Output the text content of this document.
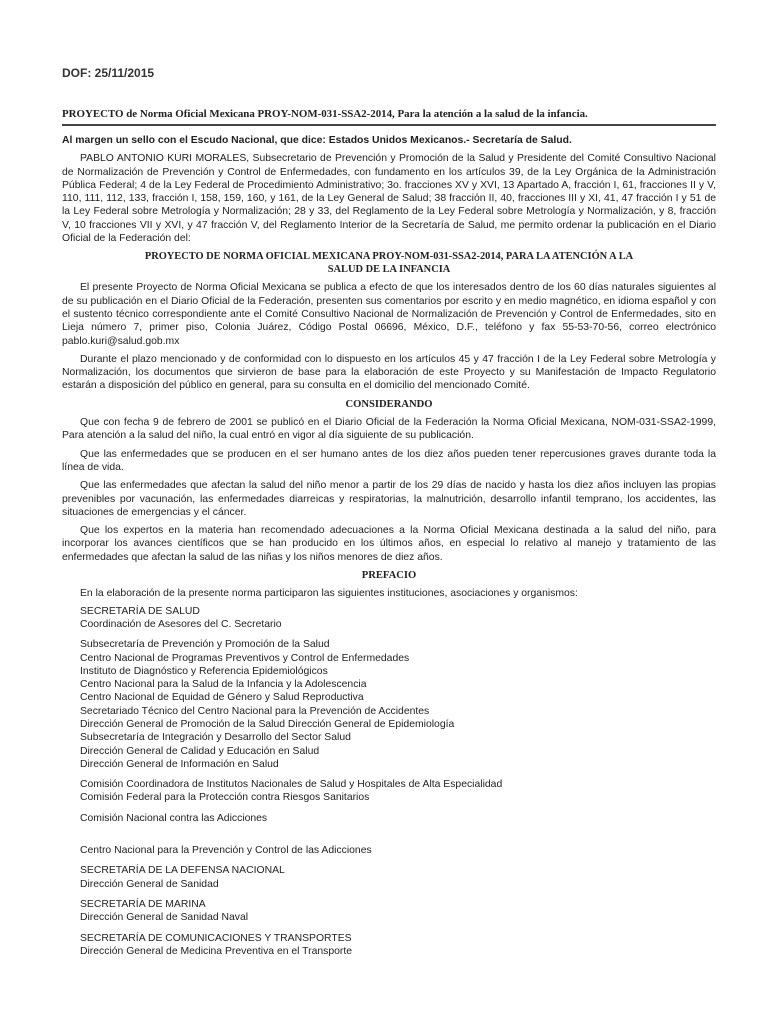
DOF: 25/11/2015
PROYECTO de Norma Oficial Mexicana PROY-NOM-031-SSA2-2014, Para la atención a la salud de la infancia.
Al margen un sello con el Escudo Nacional, que dice: Estados Unidos Mexicanos.- Secretaría de Salud.

PABLO ANTONIO KURI MORALES, Subsecretario de Prevención y Promoción de la Salud y Presidente del Comité Consultivo Nacional de Normalización de Prevención y Control de Enfermedades, con fundamento en los artículos 39, de la Ley Orgánica de la Administración Pública Federal; 4 de la Ley Federal de Procedimiento Administrativo; 3o. fracciones XV y XVI, 13 Apartado A, fracción I, 61, fracciones II y V, 110, 111, 112, 133, fracción I, 158, 159, 160, y 161, de la Ley General de Salud; 38 fracción II, 40, fracciones III y XI, 41, 47 fracción I y 51 de la Ley Federal sobre Metrología y Normalización; 28 y 33, del Reglamento de la Ley Federal sobre Metrología y Normalización, y 8, fracción V, 10 fracciones VII y XVI, y 47 fracción V, del Reglamento Interior de la Secretaría de Salud, me permito ordenar la publicación en el Diario Oficial de la Federación del:

PROYECTO DE NORMA OFICIAL MEXICANA PROY-NOM-031-SSA2-2014, PARA LA ATENCIÓN A LA
SALUD DE LA INFANCIA

El presente Proyecto de Norma Oficial Mexicana se publica a efecto de que los interesados dentro de los 60 días naturales siguientes al de su publicación en el Diario Oficial de la Federación, presenten sus comentarios por escrito y en medio magnético, en idioma español y con el sustento técnico correspondiente ante el Comité Consultivo Nacional de Normalización de Prevención y Control de Enfermedades, sito en Lieja número 7, primer piso, Colonia Juárez, Código Postal 06696, México, D.F., teléfono y fax 55-53-70-56, correo electrónico pablo.kuri@salud.gob.mx

Durante el plazo mencionado y de conformidad con lo dispuesto en los artículos 45 y 47 fracción I de la Ley Federal sobre Metrología y Normalización, los documentos que sirvieron de base para la elaboración de este Proyecto y su Manifestación de Impacto Regulatorio estarán a disposición del público en general, para su consulta en el domicilio del mencionado Comité.

CONSIDERANDO

Que con fecha 9 de febrero de 2001 se publicó en el Diario Oficial de la Federación la Norma Oficial Mexicana, NOM-031-SSA2-1999, Para atención a la salud del niño, la cual entró en vigor al día siguiente de su publicación.

Que las enfermedades que se producen en el ser humano antes de los diez años pueden tener repercusiones graves durante toda la línea de vida.

Que las enfermedades que afectan la salud del niño menor a partir de los 29 días de nacido y hasta los diez años incluyen las propias prevenibles por vacunación, las enfermedades diarreicas y respiratorias, la malnutrición, desarrollo infantil temprano, los accidentes, las situaciones de emergencias y el cáncer.

Que los expertos en la materia han recomendado adecuaciones a la Norma Oficial Mexicana destinada a la salud del niño, para incorporar los avances científicos que se han producido en los últimos años, en especial lo relativo al manejo y tratamiento de las enfermedades que afectan la salud de las niñas y los niños menores de diez años.

PREFACIO
En la elaboración de la presente norma participaron las siguientes instituciones, asociaciones y organismos:
SECRETARÍA DE SALUD
Coordinación de Asesores del C. Secretario
Subsecretaría de Prevención y Promoción de la Salud
Centro Nacional de Programas Preventivos y Control de Enfermedades
Instituto de Diagnóstico y Referencia Epidemiológicos
Centro Nacional para la Salud de la Infancia y la Adolescencia
Centro Nacional de Equidad de Género y Salud Reproductiva
Secretariado Técnico del Centro Nacional para la Prevención de Accidentes
Dirección General de Promoción de la Salud Dirección General de Epidemiología
Subsecretaría de Integración y Desarrollo del Sector Salud
Dirección General de Calidad y Educación en Salud
Dirección General de Información en Salud
Comisión Coordinadora de Institutos Nacionales de Salud y Hospitales de Alta Especialidad
Comisión Federal para la Protección contra Riesgos Sanitarios
Comisión Nacional contra las Adicciones
Centro Nacional para la Prevención y Control de las Adicciones
SECRETARÍA DE LA DEFENSA NACIONAL
Dirección General de Sanidad
SECRETARÍA DE MARINA
Dirección General de Sanidad Naval
SECRETARÍA DE COMUNICACIONES Y TRANSPORTES
Dirección General de Medicina Preventiva en el Transporte
